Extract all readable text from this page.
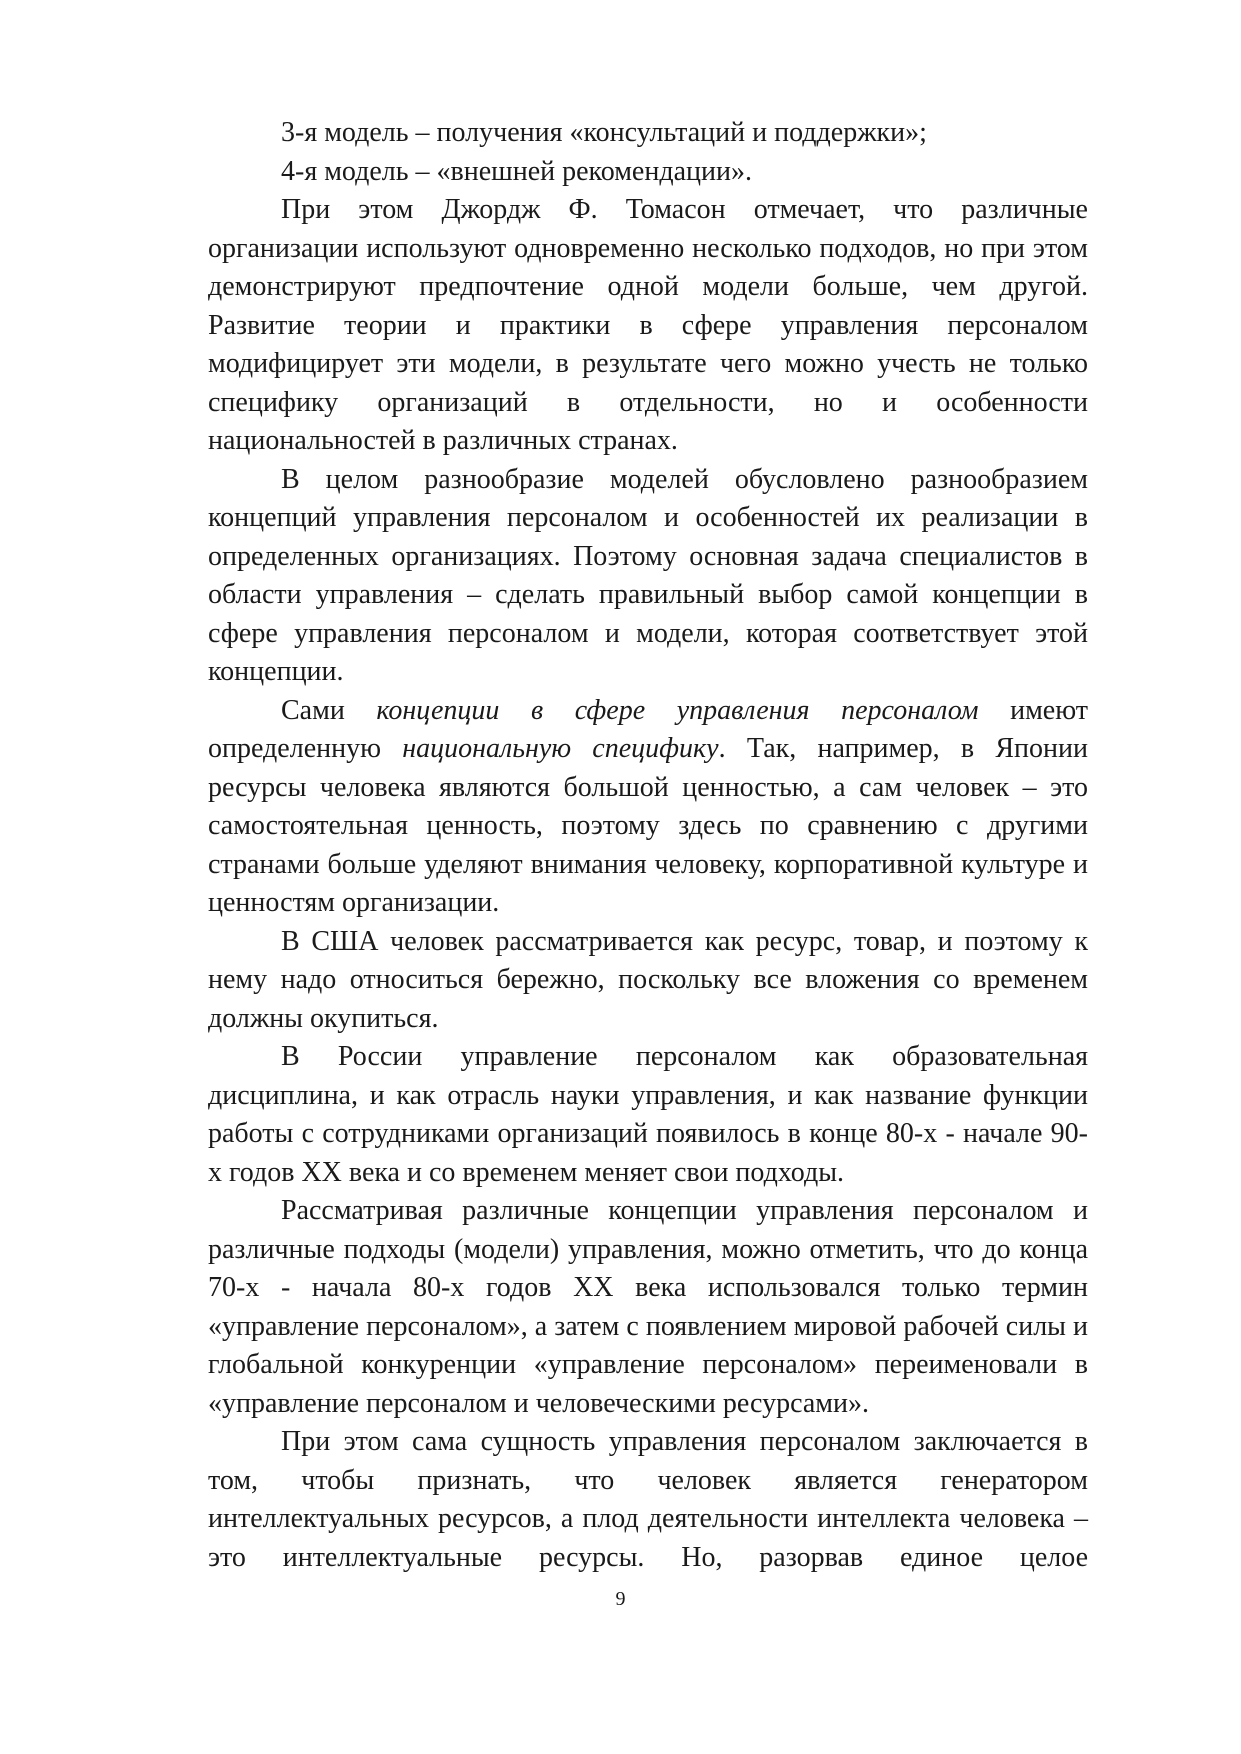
3-я модель – получения «консультаций и поддержки»;

4-я модель – «внешней рекомендации».

При этом Джордж Ф. Томасон отмечает, что различные организации используют одновременно несколько подходов, но при этом демонстрируют предпочтение одной модели больше, чем другой. Развитие теории и практики в сфере управления персоналом модифицирует эти модели, в результате чего можно учесть не только специфику организаций в отдельности, но и особенности национальностей в различных странах.

В целом разнообразие моделей обусловлено разнообразием концепций управления персоналом и особенностей их реализации в определенных организациях. Поэтому основная задача специалистов в области управления – сделать правильный выбор самой концепции в сфере управления персоналом и модели, которая соответствует этой концепции.

Сами концепции в сфере управления персоналом имеют определенную национальную специфику. Так, например, в Японии ресурсы человека являются большой ценностью, а сам человек – это самостоятельная ценность, поэтому здесь по сравнению с другими странами больше уделяют внимания человеку, корпоративной культуре и ценностям организации.

В США человек рассматривается как ресурс, товар, и поэтому к нему надо относиться бережно, поскольку все вложения со временем должны окупиться.

В России управление персоналом как образовательная дисциплина, и как отрасль науки управления, и как название функции работы с сотрудниками организаций появилось в конце 80-х - начале 90-х годов XX века и со временем меняет свои подходы.

Рассматривая различные концепции управления персоналом и различные подходы (модели) управления, можно отметить, что до конца 70-х - начала 80-х годов XX века использовался только термин «управление персоналом», а затем с появлением мировой рабочей силы и глобальной конкуренции «управление персоналом» переименовали в «управление персоналом и человеческими ресурсами».

При этом сама сущность управления персоналом заключается в том, чтобы признать, что человек является генератором интеллектуальных ресурсов, а плод деятельности интеллекта человека – это интеллектуальные ресурсы. Но, разорвав единое целое

9
